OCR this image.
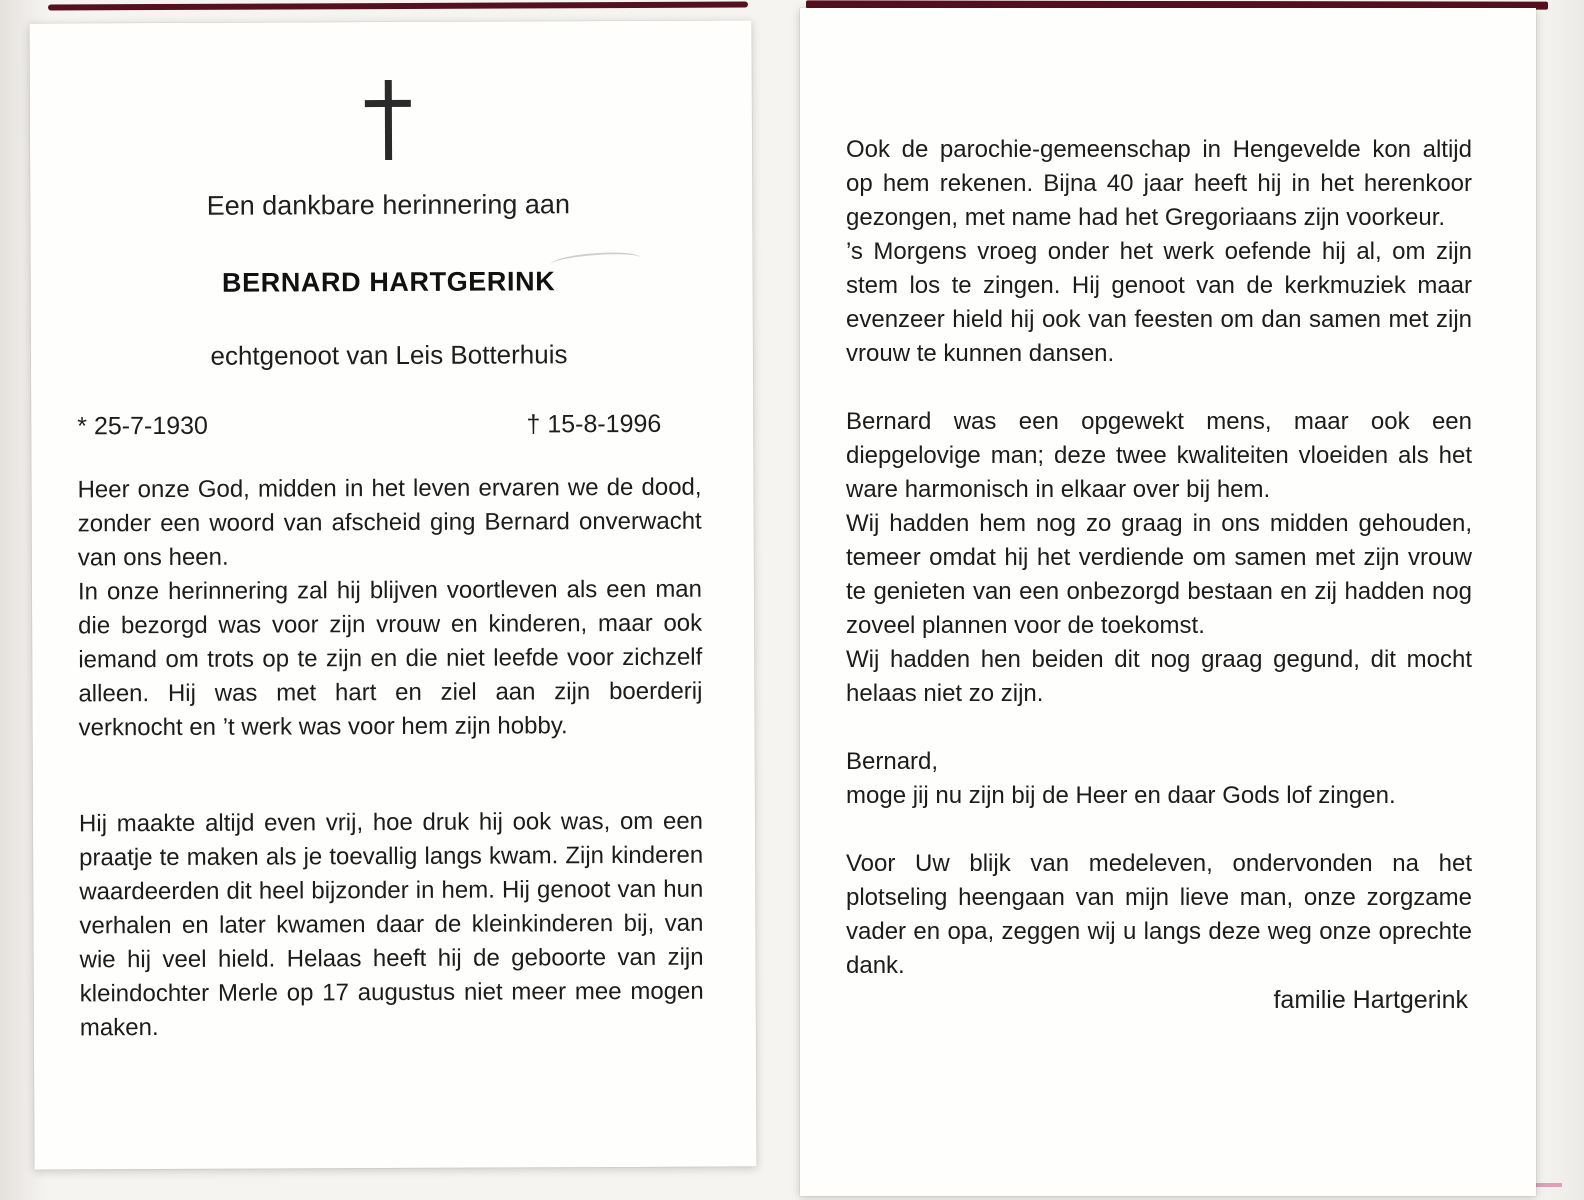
Een dankbare herinnering aan
BERNARD HARTGERINK
echtgenoot van Leis Botterhuis
* 25-7-1930	† 15-8-1996

Heer onze God, midden in het leven ervaren we de dood, zonder een woord van afscheid ging Bernard onverwacht van ons heen.

In onze herinnering zal hij blijven voortleven als een man die bezorgd was voor zijn vrouw en kinderen, maar ook iemand om trots op te zijn en die niet leefde voor zichzelf alleen. Hij was met hart en ziel aan zijn boerderij verknocht en ’t werk was voor hem zijn hobby.

Hij maakte altijd even vrij, hoe druk hij ook was, om een praatje te maken als je toevallig langs kwam. Zijn kinderen waardeerden dit heel bijzonder in hem. Hij genoot van hun verhalen en later kwamen daar de kleinkinderen bij, van wie hij veel hield. Helaas heeft hij de geboorte van zijn kleindochter Merle op 17 augustus niet meer mee mogen maken.

Ook de parochie-gemeenschap in Hengevelde kon altijd op hem rekenen. Bijna 40 jaar heeft hij in het herenkoor gezongen, met name had het Gregoriaans zijn voorkeur.

’s Morgens vroeg onder het werk oefende hij al, om zijn stem los te zingen. Hij genoot van de kerkmuziek maar evenzeer hield hij ook van feesten om dan samen met zijn vrouw te kunnen dansen.

Bernard was een opgewekt mens, maar ook een diepgelovige man; deze twee kwaliteiten vloeiden als het ware harmonisch in elkaar over bij hem.

Wij hadden hem nog zo graag in ons midden gehouden, temeer omdat hij het verdiende om samen met zijn vrouw te genieten van een onbezorgd bestaan en zij hadden nog zoveel plannen voor de toekomst.

Wij hadden hen beiden dit nog graag gegund, dit mocht helaas niet zo zijn.

Bernard,

moge jij nu zijn bij de Heer en daar Gods lof zingen.

Voor Uw blijk van medeleven, ondervonden na het plotseling heengaan van mijn lieve man, onze zorgzame vader en opa, zeggen wij u langs deze weg onze oprechte dank.

familie Hartgerink
